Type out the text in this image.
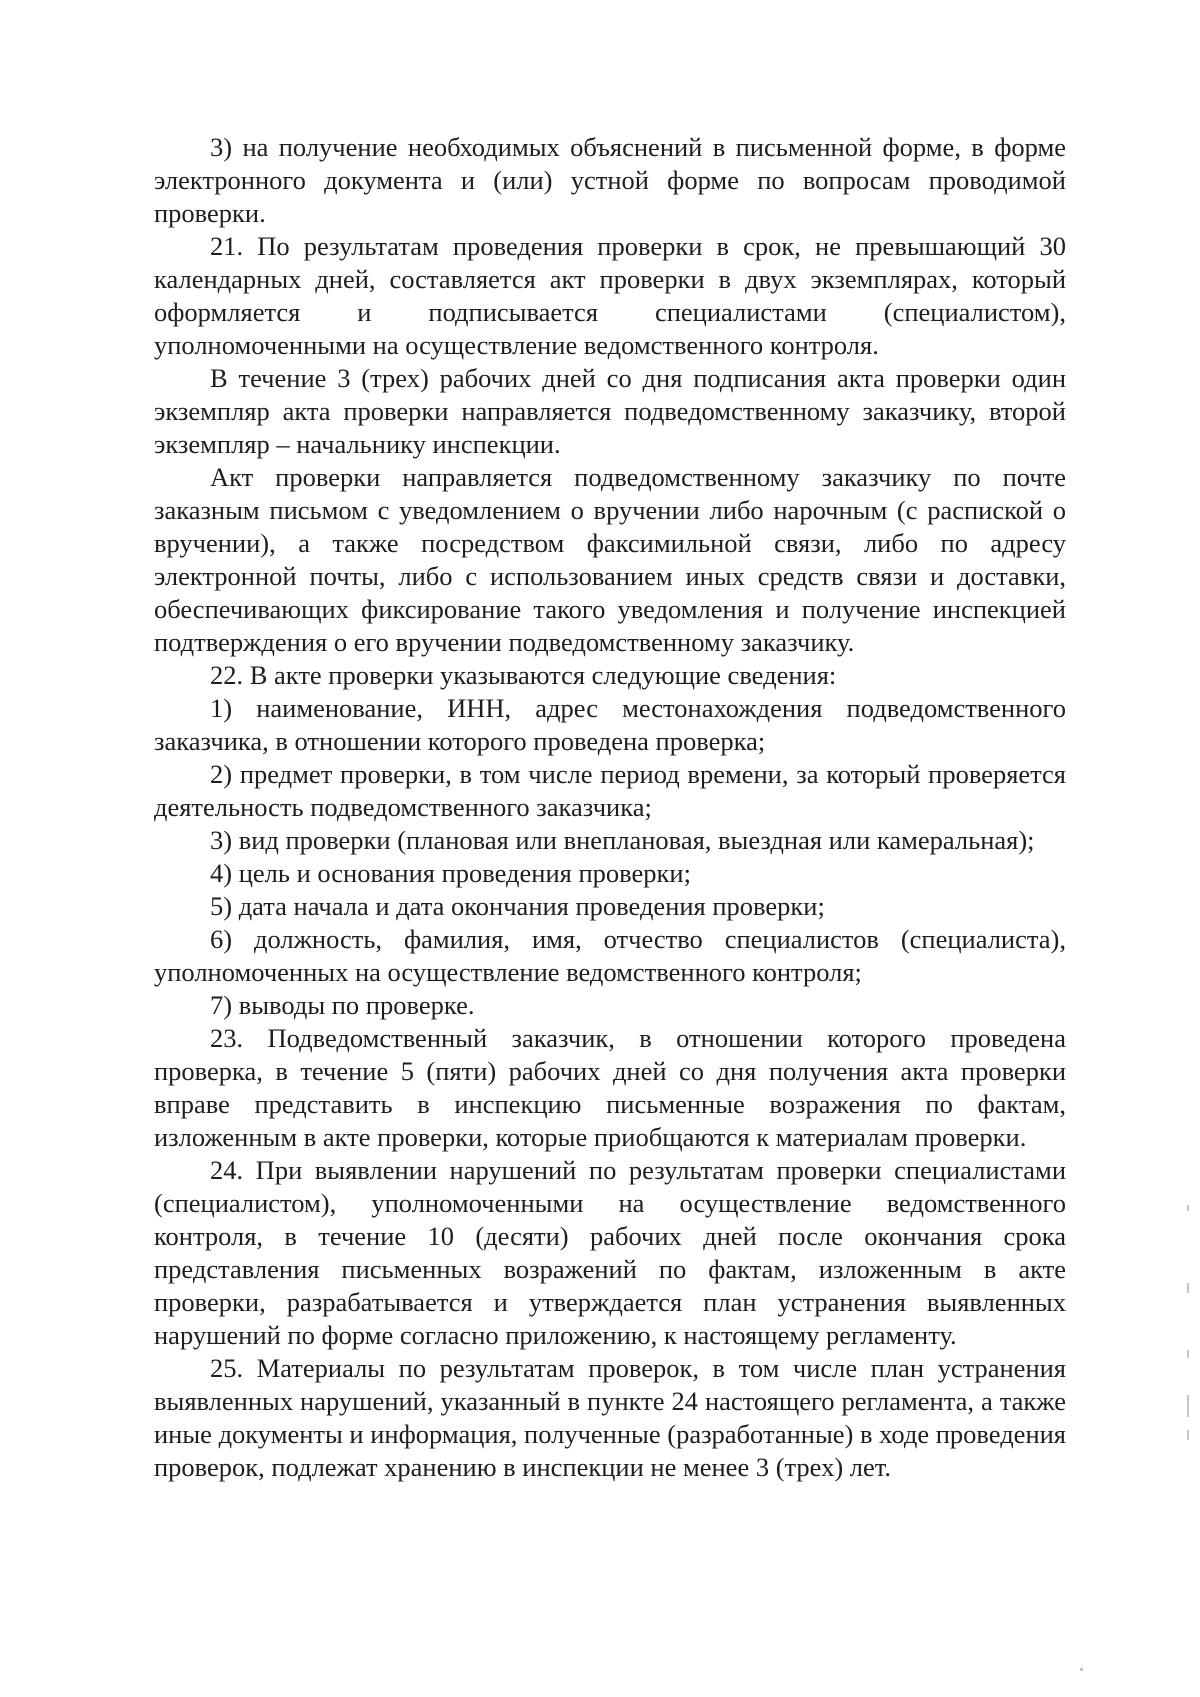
3) на получение необходимых объяснений в письменной форме, в форме электронного документа и (или) устной форме по вопросам проводимой проверки.

21. По результатам проведения проверки в срок, не превышающий 30 календарных дней, составляется акт проверки в двух экземплярах, который оформляется и подписывается специалистами (специалистом), уполномоченными на осуществление ведомственного контроля.

В течение 3 (трех) рабочих дней со дня подписания акта проверки один экземпляр акта проверки направляется подведомственному заказчику, второй экземпляр – начальнику инспекции.

Акт проверки направляется подведомственному заказчику по почте заказным письмом с уведомлением о вручении либо нарочным (с распиской о вручении), а также посредством факсимильной связи, либо по адресу электронной почты, либо с использованием иных средств связи и доставки, обеспечивающих фиксирование такого уведомления и получение инспекцией подтверждения о его вручении подведомственному заказчику.

22. В акте проверки указываются следующие сведения:

1) наименование, ИНН, адрес местонахождения подведомственного заказчика, в отношении которого проведена проверка;

2) предмет проверки, в том числе период времени, за который проверяется деятельность подведомственного заказчика;

3) вид проверки (плановая или внеплановая, выездная или камеральная);

4) цель и основания проведения проверки;

5) дата начала и дата окончания проведения проверки;

6) должность, фамилия, имя, отчество специалистов (специалиста), уполномоченных на осуществление ведомственного контроля;

7) выводы по проверке.

23. Подведомственный заказчик, в отношении которого проведена проверка, в течение 5 (пяти) рабочих дней со дня получения акта проверки вправе представить в инспекцию письменные возражения по фактам, изложенным в акте проверки, которые приобщаются к материалам проверки.

24. При выявлении нарушений по результатам проверки специалистами (специалистом), уполномоченными на осуществление ведомственного контроля, в течение 10 (десяти) рабочих дней после окончания срока представления письменных возражений по фактам, изложенным в акте проверки, разрабатывается и утверждается план устранения выявленных нарушений по форме согласно приложению, к настоящему регламенту.

25. Материалы по результатам проверок, в том числе план устранения выявленных нарушений, указанный в пункте 24 настоящего регламента, а также иные документы и информация, полученные (разработанные) в ходе проведения проверок, подлежат хранению в инспекции не менее 3 (трех) лет.
